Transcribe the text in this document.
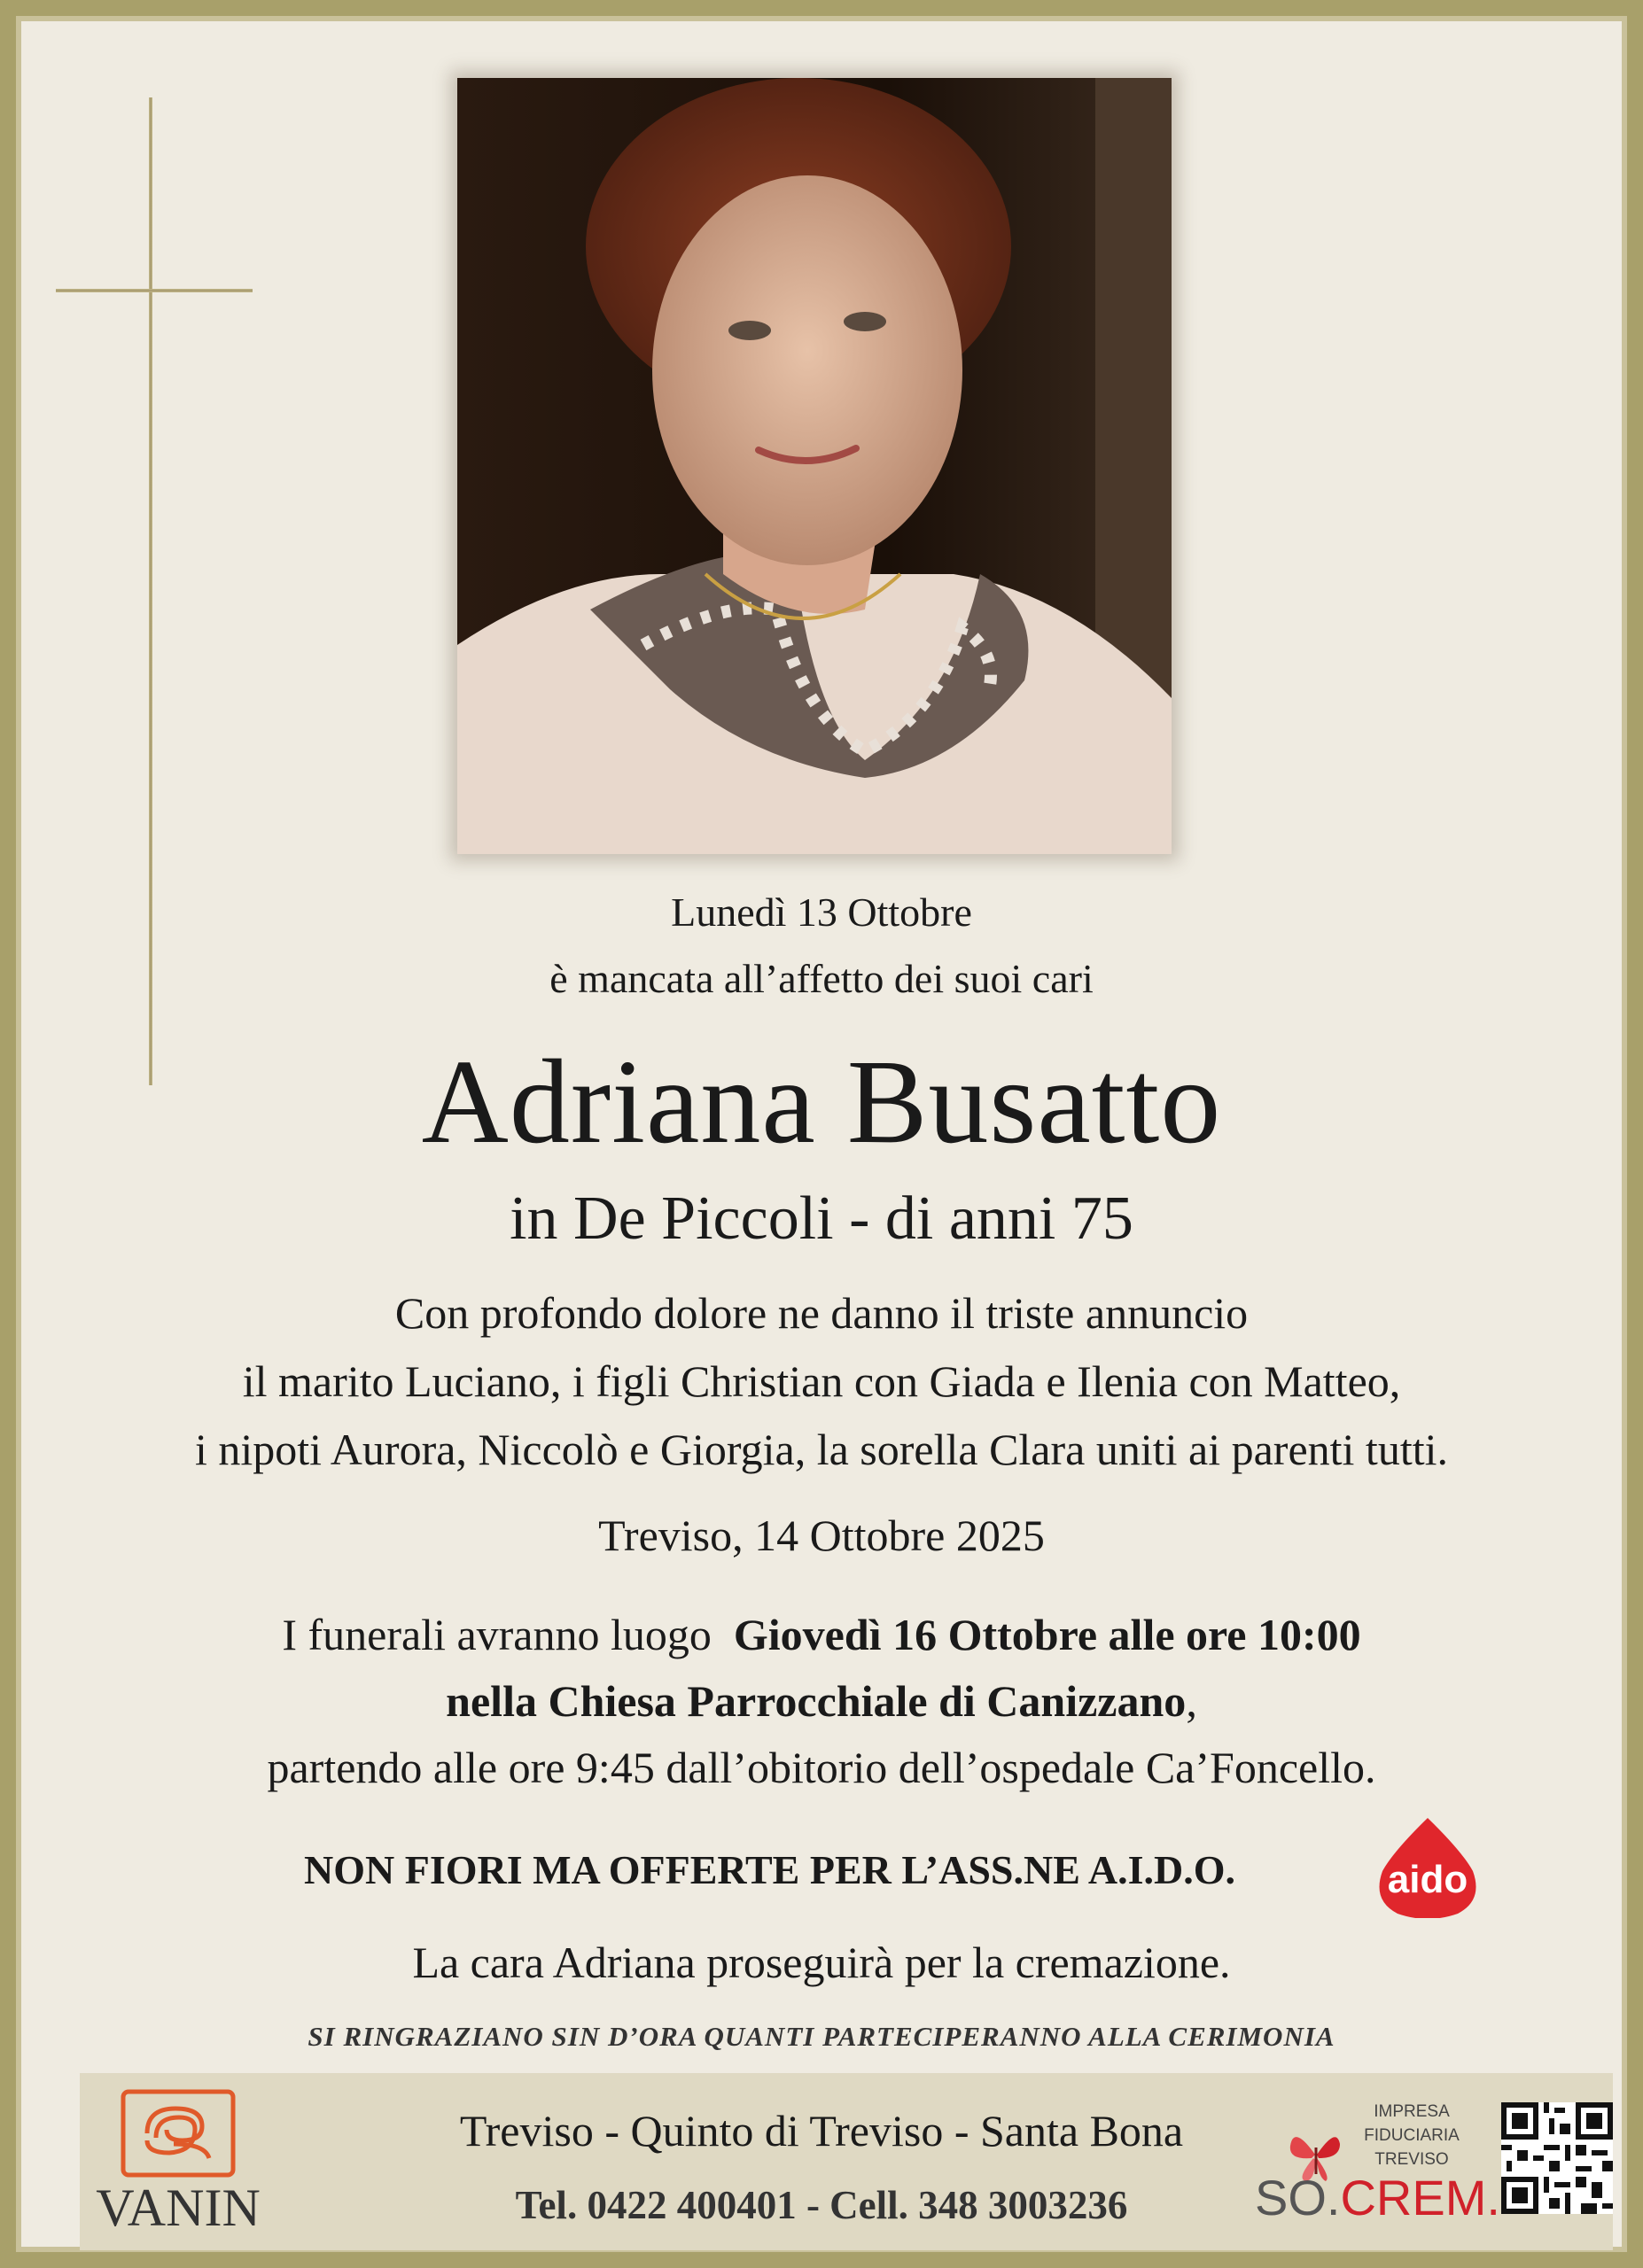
Lunedì 13 Ottobre
è mancata all’affetto dei suoi cari
Adriana Busatto
in De Piccoli - di anni 75
Con profondo dolore ne danno il triste annuncio
il marito Luciano, i figli Christian con Giada e Ilenia con Matteo,
i nipoti Aurora, Niccolò e Giorgia, la sorella Clara uniti ai parenti tutti.
Treviso, 14 Ottobre 2025
I funerali avranno luogo Giovedì 16 Ottobre alle ore 10:00
nella Chiesa Parrocchiale di Canizzano,
partendo alle ore 9:45 dall’obitorio dell’ospedale Ca’Foncello.
NON FIORI MA OFFERTE PER L’ASS.NE A.I.D.O.	aido
La cara Adriana proseguirà per la cremazione.
SI RINGRAZIANO SIN D’ORA QUANTI PARTECIPERANNO ALLA CERIMONIA
VANIN
Treviso - Quinto di Treviso - Santa Bona
Tel. 0422 400401 - Cell. 348 3003236
IMPRESA
FIDUCIARIA
TREVISO
SO.CREM.
